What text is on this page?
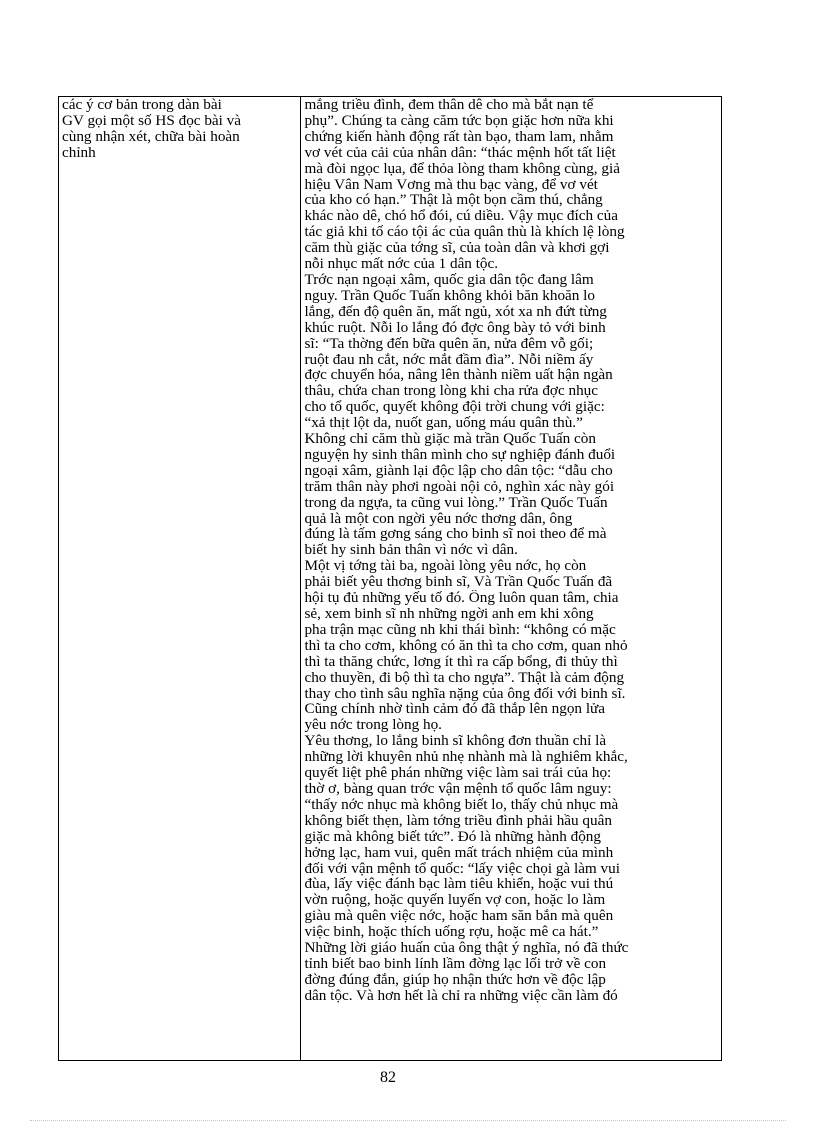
các ý cơ bản trong dàn bài
GV gọi một số HS đọc bài và
cùng nhận xét, chữa bài hoàn
chỉnh

mắng triều đình, đem thân dê cho mà bắt nạn tể
phụ”. Chúng ta càng căm tức bọn giặc hơn nữa khi
chứng kiến hành động rất tàn bạo, tham lam, nhằm
vơ vét của cải của nhân dân: “thác mệnh hốt tất liệt
mà đòi ngọc lụa, để thỏa lòng tham không cùng, giả
hiệu Vân Nam Vơng mà thu bạc vàng, để vơ vét
của kho có hạn.” Thật là một bọn cầm thú, chẳng
khác nào dê, chó hổ đói, cú diều. Vậy mục đích của
tác giả khi tố cáo tội ác của quân thù là khích lệ lòng
căm thù giặc của tớng sĩ, của toàn dân và khơi gợi
nỗi nhục mất nớc của 1 dân tộc.
Trớc nạn ngoại xâm, quốc gia dân tộc đang lâm
nguy. Trần Quốc Tuấn không khỏi băn khoăn lo
lắng, đến độ quên ăn, mất ngủ, xót xa nh đứt từng
khúc ruột. Nỗi lo lắng đó đợc ông bày tỏ với binh
sĩ: “Ta thờng đến bữa quên ăn, nửa đêm vỗ gối;
ruột đau nh cắt, nớc mắt đầm đìa”. Nỗi niềm ấy
đợc chuyển hóa, nâng lên thành niềm uất hận ngàn
thâu, chứa chan trong lòng khi cha rửa đợc nhục
cho tổ quốc, quyết không đội trời chung với giặc:
“xả thịt lột da, nuốt gan, uống máu quân thù.”
Không chỉ căm thù giặc mà trần Quốc Tuấn còn
nguyện hy sinh thân mình cho sự nghiệp đánh đuổi
ngoại xâm, giành lại độc lập cho dân tộc: “dẫu cho
trăm thân này phơi ngoài nội cỏ, nghìn xác này gói
trong da ngựa, ta cũng vui lòng.” Trần Quốc Tuấn
quả là một con ngời yêu nớc thơng dân, ông
đúng là tấm gơng sáng cho binh sĩ noi theo để mà
biết hy sinh bản thân vì nớc vì dân.
Một vị tớng tài ba, ngoài lòng yêu nớc, họ còn
phải biết yêu thơng binh sĩ, Và Trần Quốc Tuấn đã
hội tụ đủ những yếu tố đó. Ông luôn quan tâm, chia
sẻ, xem binh sĩ nh những ngời anh em khi xông
pha trận mạc cũng nh khi thái bình: “không có mặc
thì ta cho cơm, không có ăn thì ta cho cơm, quan nhỏ
thì ta thăng chức, lơng ít thì ra cấp bổng, đi thủy thì
cho thuyền, đi bộ thì ta cho ngựa”. Thật là cảm động
thay cho tình sâu nghĩa nặng của ông đối với binh sĩ.
Cũng chính nhờ tình cảm đó đã thắp lên ngọn lửa
yêu nớc trong lòng họ.
Yêu thơng, lo lắng binh sĩ không đơn thuần chỉ là
những lời khuyên nhủ nhẹ nhành mà là nghiêm khắc,
quyết liệt phê phán những việc làm sai trái của họ:
thờ ơ, bàng quan trớc vận mệnh tổ quốc lâm nguy:
“thấy nớc nhục mà không biết lo, thấy chủ nhục mà
không biết thẹn, làm tớng triều đình phải hầu quân
giặc mà không biết tức”. Đó là những hành động
hởng lạc, ham vui, quên mất trách nhiệm của mình
đối với vận mệnh tổ quốc: “lấy việc chọi gà làm vui
đùa, lấy việc đánh bạc làm tiêu khiển, hoặc vui thú
vờn ruộng, hoặc quyến luyến vợ con, hoặc lo làm
giàu mà quên việc nớc, hoặc ham săn bắn mà quên
việc binh, hoặc thích uống rợu, hoặc mê ca hát.”
Những lời giáo huấn của ông thật ý nghĩa, nó đã thức
tỉnh biết bao binh lính lầm đờng lạc lối trở về con
đờng đúng đắn, giúp họ nhận thức hơn về độc lập
dân tộc. Và hơn hết là chỉ ra những việc cần làm đó
82
